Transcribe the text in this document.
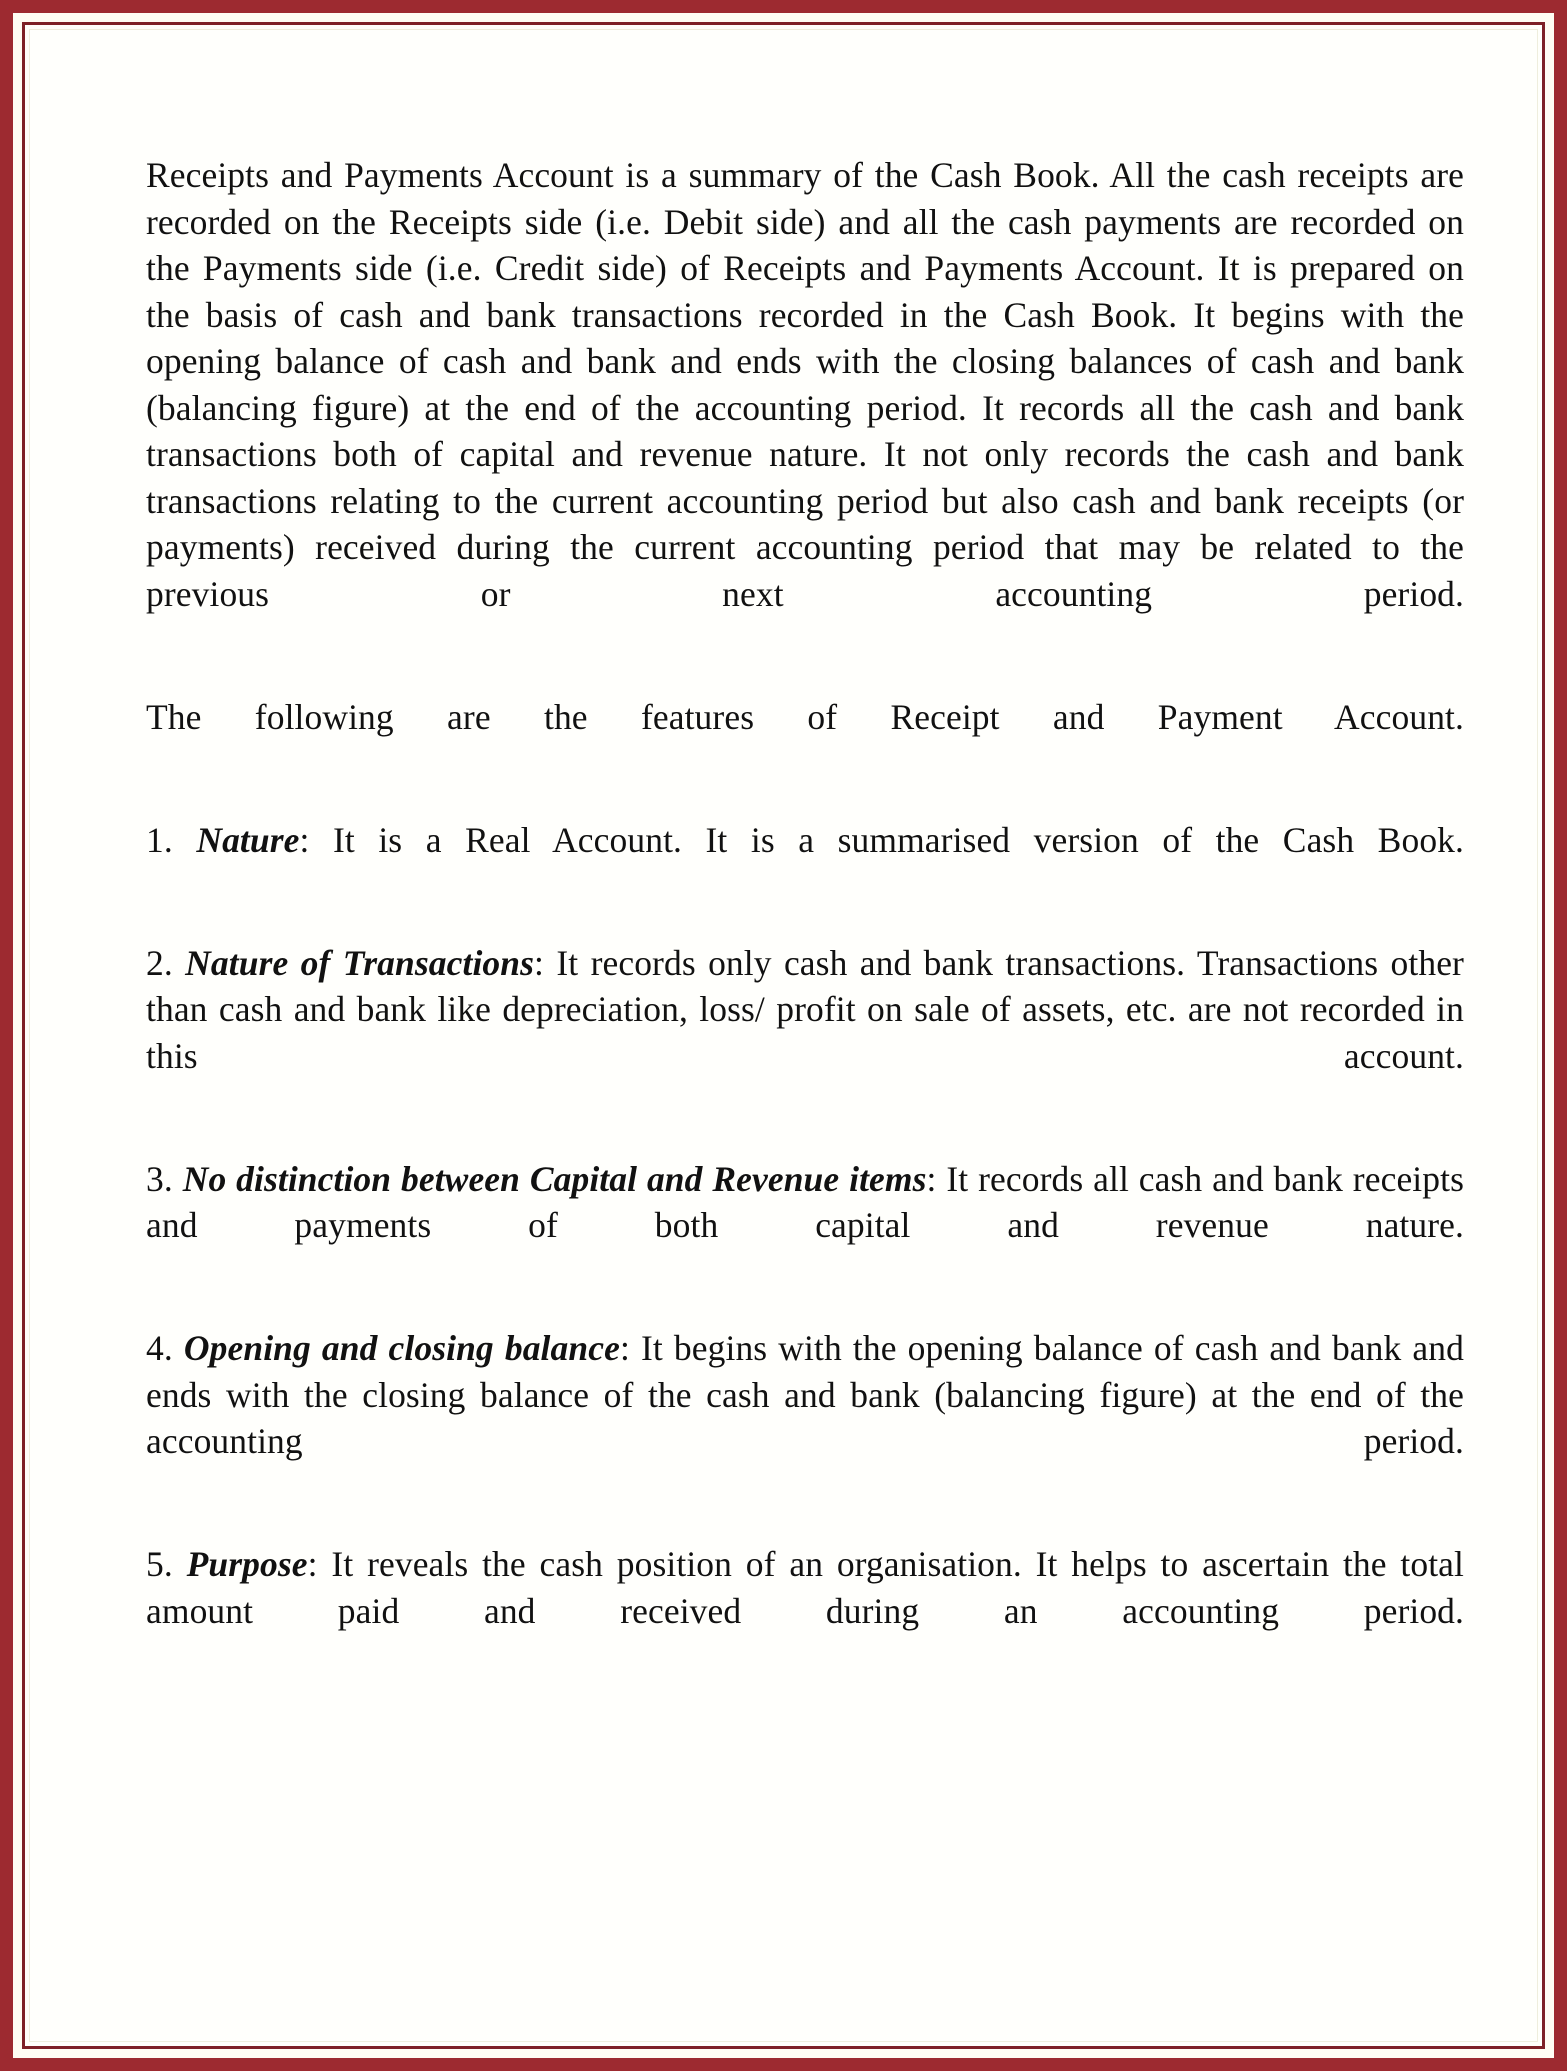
Receipts and Payments Account is a summary of the Cash Book. All the cash receipts are recorded on the Receipts side (i.e. Debit side) and all the cash payments are recorded on the Payments side (i.e. Credit side) of Receipts and Payments Account. It is prepared on the basis of cash and bank transactions recorded in the Cash Book. It begins with the opening balance of cash and bank and ends with the closing balances of cash and bank (balancing figure) at the end of the accounting period. It records all the cash and bank transactions both of capital and revenue nature. It not only records the cash and bank transactions relating to the current accounting period but also cash and bank receipts (or payments) received during the current accounting period that may be related to the previous or next accounting period.

The following are the features of Receipt and Payment Account.

1. Nature: It is a Real Account. It is a summarised version of the Cash Book.

2. Nature of Transactions: It records only cash and bank transactions. Transactions other than cash and bank like depreciation, loss/ profit on sale of assets, etc. are not recorded in this account.

3. No distinction between Capital and Revenue items: It records all cash and bank receipts and payments of both capital and revenue nature.

4. Opening and closing balance: It begins with the opening balance of cash and bank and ends with the closing balance of the cash and bank (balancing figure) at the end of the accounting period.

5. Purpose: It reveals the cash position of an organisation. It helps to ascertain the total amount paid and received during an accounting period.
